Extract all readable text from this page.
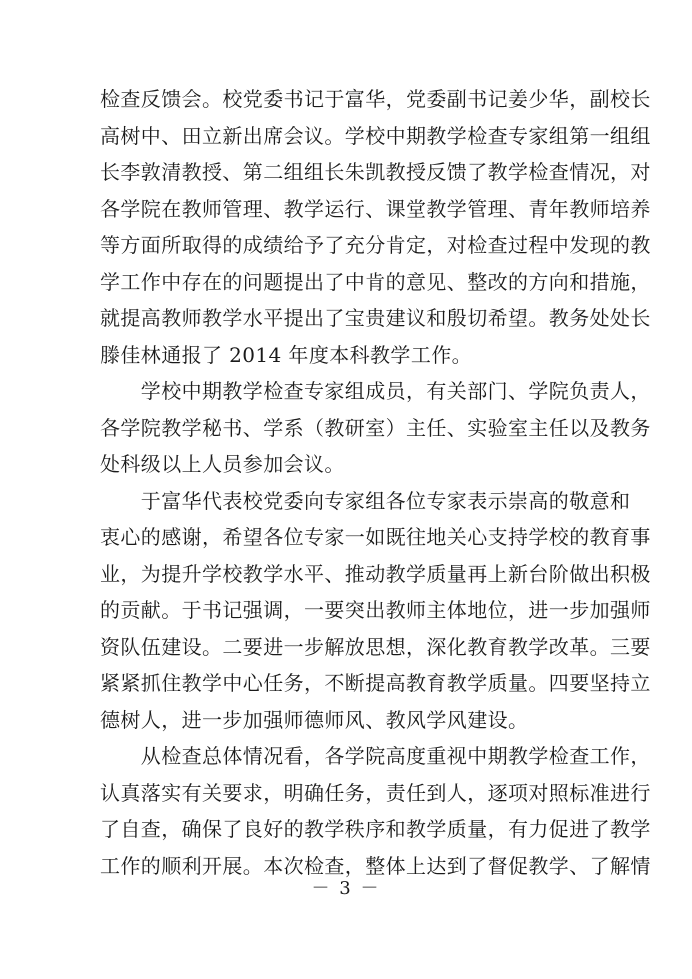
检查反馈会。校党委书记于富华，党委副书记姜少华，副校长
高树中、田立新出席会议。学校中期教学检查专家组第一组组
长李敦清教授、第二组组长朱凯教授反馈了教学检查情况，对
各学院在教师管理、教学运行、课堂教学管理、青年教师培养
等方面所取得的成绩给予了充分肯定，对检查过程中发现的教
学工作中存在的问题提出了中肯的意见、整改的方向和措施，
就提高教师教学水平提出了宝贵建议和殷切希望。教务处处长
滕佳林通报了 2014 年度本科教学工作。
　　学校中期教学检查专家组成员，有关部门、学院负责人，
各学院教学秘书、学系（教研室）主任、实验室主任以及教务
处科级以上人员参加会议。
　　于富华代表校党委向专家组各位专家表示崇高的敬意和
衷心的感谢，希望各位专家一如既往地关心支持学校的教育事
业，为提升学校教学水平、推动教学质量再上新台阶做出积极
的贡献。于书记强调，一要突出教师主体地位，进一步加强师
资队伍建设。二要进一步解放思想，深化教育教学改革。三要
紧紧抓住教学中心任务，不断提高教育教学质量。四要坚持立
德树人，进一步加强师德师风、教风学风建设。
　　从检查总体情况看，各学院高度重视中期教学检查工作，
认真落实有关要求，明确任务，责任到人，逐项对照标准进行
了自查，确保了良好的教学秩序和教学质量，有力促进了教学
工作的顺利开展。本次检查，整体上达到了督促教学、了解情
－ 3 －
